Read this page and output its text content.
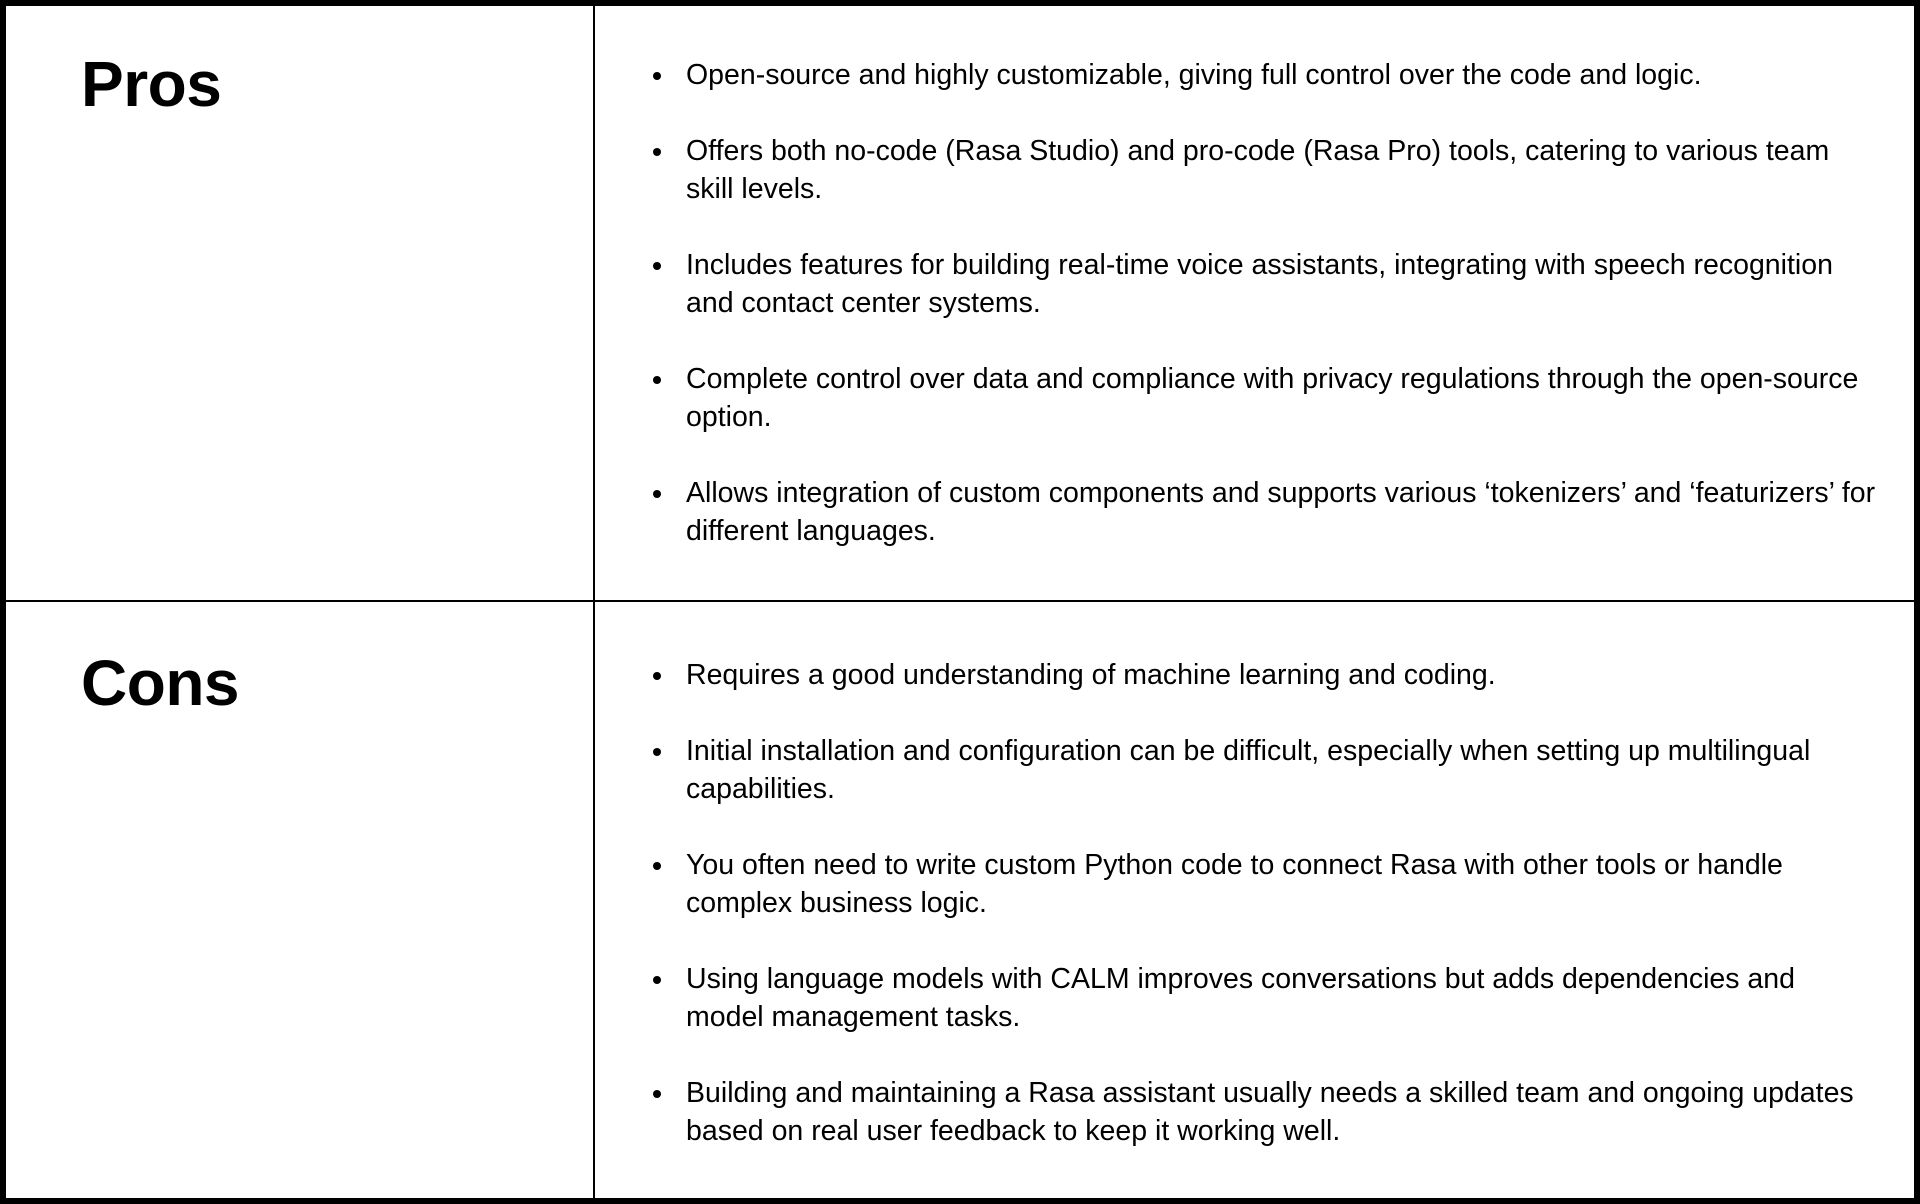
Pros	Open-source and highly customizable, giving full control over the code and logic.
Offers both no-code (Rasa Studio) and pro-code (Rasa Pro) tools, catering to various team skill levels.
Includes features for building real-time voice assistants, integrating with speech recognition and contact center systems.
Complete control over data and compliance with privacy regulations through the open-source option.
Allows integration of custom components and supports various ‘tokenizers’ and ‘featurizers’ for different languages.
Cons	Requires a good understanding of machine learning and coding.
Initial installation and configuration can be difficult, especially when setting up multilingual capabilities.
You often need to write custom Python code to connect Rasa with other tools or handle complex business logic.
Using language models with CALM improves conversations but adds dependencies and model management tasks.
Building and maintaining a Rasa assistant usually needs a skilled team and ongoing updates based on real user feedback to keep it working well.
